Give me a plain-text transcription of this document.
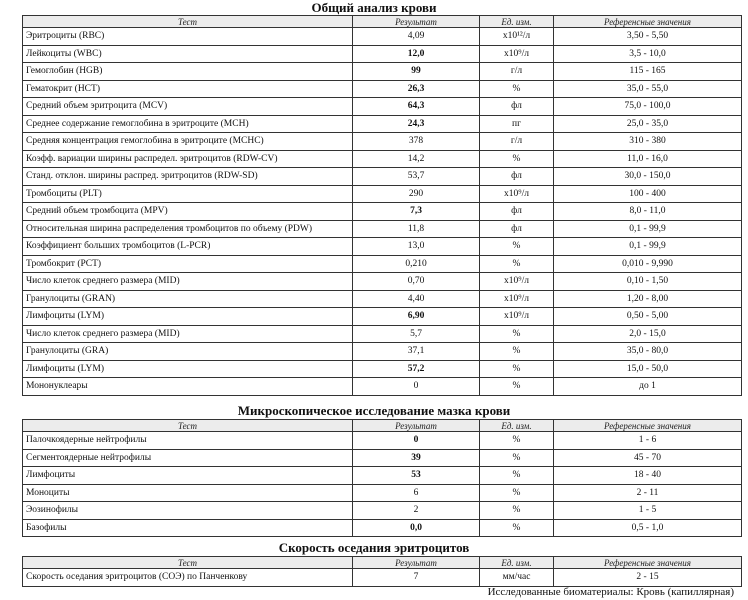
Общий анализ крови
Тест	Результат	Ед. изм.	Референсные значения
Эритроциты (RBC)	4,09	x10¹²/л	3,50 - 5,50
Лейкоциты (WBC)	12,0	x10⁹/л	3,5 - 10,0
Гемоглобин (HGB)	99	г/л	115 - 165
Гематокрит (HCT)	26,3	%	35,0 - 55,0
Средний объем эритроцита (MCV)	64,3	фл	75,0 - 100,0
Среднее содержание гемоглобина в эритроците (MCH)	24,3	пг	25,0 - 35,0
Средняя концентрация гемоглобина в эритроците (MCHC)	378	г/л	310 - 380
Коэфф. вариации ширины распредел. эритроцитов (RDW-CV)	14,2	%	11,0 - 16,0
Станд. отклон. ширины распред. эритроцитов (RDW-SD)	53,7	фл	30,0 - 150,0
Тромбоциты (PLT)	290	x10⁹/л	100 - 400
Средний объем тромбоцита (MPV)	7,3	фл	8,0 - 11,0
Относительная ширина распределения тромбоцитов по объему (PDW)	11,8	фл	0,1 - 99,9
Коэффициент больших тромбоцитов (L-PCR)	13,0	%	0,1 - 99,9
Тромбокрит (PCT)	0,210	%	0,010 - 9,990
Число клеток среднего размера (MID)	0,70	x10⁹/л	0,10 - 1,50
Гранулоциты (GRAN)	4,40	x10⁹/л	1,20 - 8,00
Лимфоциты (LYM)	6,90	x10⁹/л	0,50 - 5,00
Число клеток среднего размера (MID)	5,7	%	2,0 - 15,0
Гранулоциты (GRA)	37,1	%	35,0 - 80,0
Лимфоциты (LYM)	57,2	%	15,0 - 50,0
Мононуклеары	0	%	до 1
Микроскопическое исследование мазка крови
Тест	Результат	Ед. изм.	Референсные значения
Палочкоядерные нейтрофилы	0	%	1 - 6
Сегментоядерные нейтрофилы	39	%	45 - 70
Лимфоциты	53	%	18 - 40
Моноциты	6	%	2 - 11
Эозинофилы	2	%	1 - 5
Базофилы	0,0	%	0,5 - 1,0
Скорость оседания эритроцитов
Тест	Результат	Ед. изм.	Референсные значения
Скорость оседания эритроцитов (СОЭ) по Панченкову	7	мм/час	2 - 15
Исследованные биоматериалы: Кровь (капиллярная)
